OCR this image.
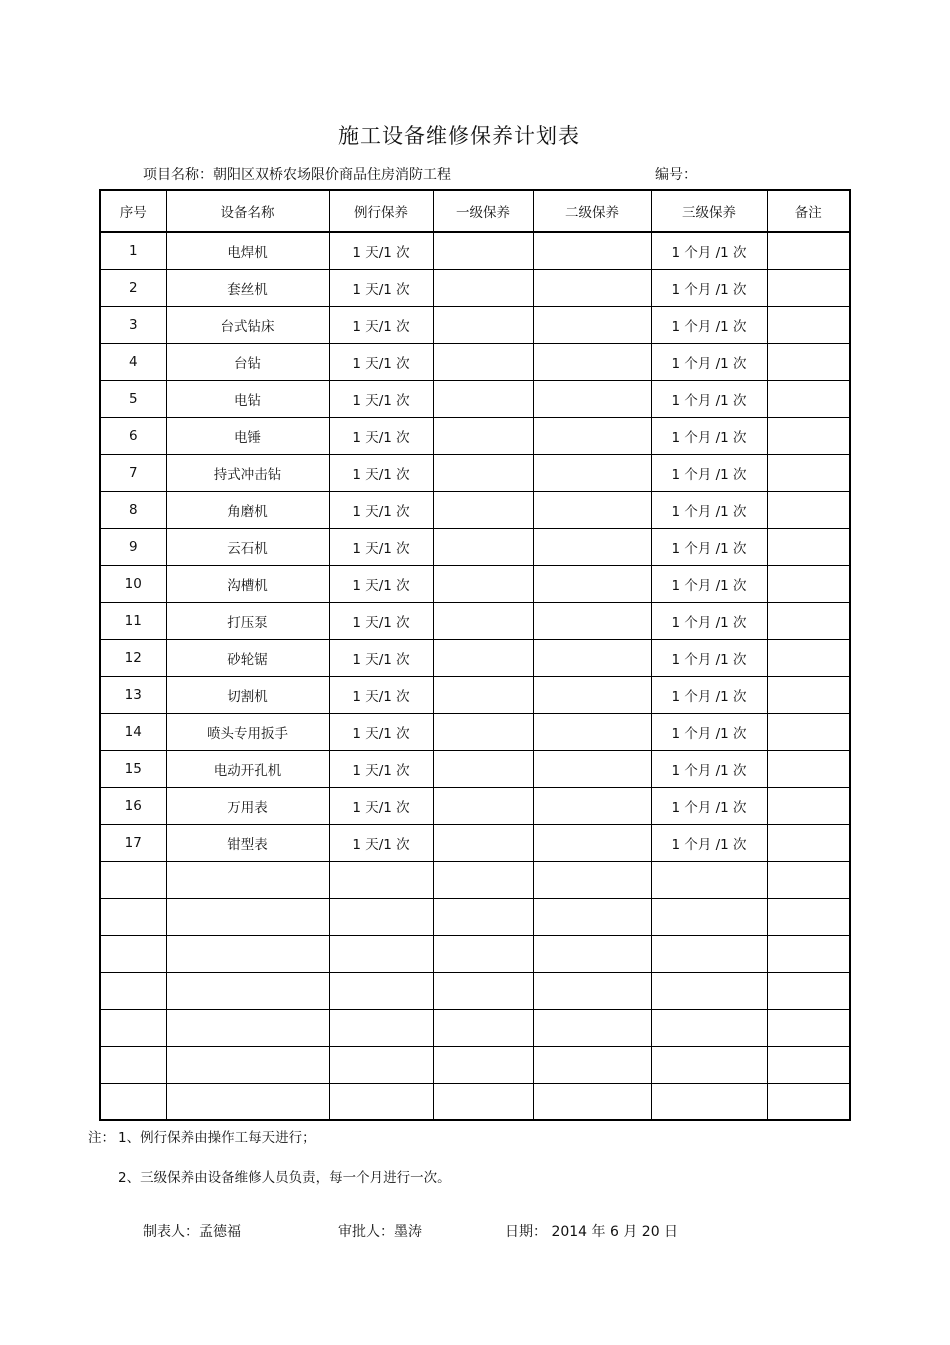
施工设备维修保养计划表
项目名称：朝阳区双桥农场限价商品住房消防工程	编号：
序号	设备名称	例行保养	一级保养	二级保养	三级保养	备注
1	电焊机	1 天/1 次			1 个月 /1 次	
2	套丝机	1 天/1 次			1 个月 /1 次	
3	台式钻床	1 天/1 次			1 个月 /1 次	
4	台钻	1 天/1 次			1 个月 /1 次	
5	电钻	1 天/1 次			1 个月 /1 次	
6	电锤	1 天/1 次			1 个月 /1 次	
7	持式冲击钻	1 天/1 次			1 个月 /1 次	
8	角磨机	1 天/1 次			1 个月 /1 次	
9	云石机	1 天/1 次			1 个月 /1 次	
10	沟槽机	1 天/1 次			1 个月 /1 次	
11	打压泵	1 天/1 次			1 个月 /1 次	
12	砂轮锯	1 天/1 次			1 个月 /1 次	
13	切割机	1 天/1 次			1 个月 /1 次	
14	喷头专用扳手	1 天/1 次			1 个月 /1 次	
15	电动开孔机	1 天/1 次			1 个月 /1 次	
16	万用表	1 天/1 次			1 个月 /1 次	
17	钳型表	1 天/1 次			1 个月 /1 次	

注： 1、例行保养由操作工每天进行；
2、三级保养由设备维修人员负责，每一个月进行一次。
制表人：孟德福	审批人：墨涛	日期： 2014 年 6 月 20 日
